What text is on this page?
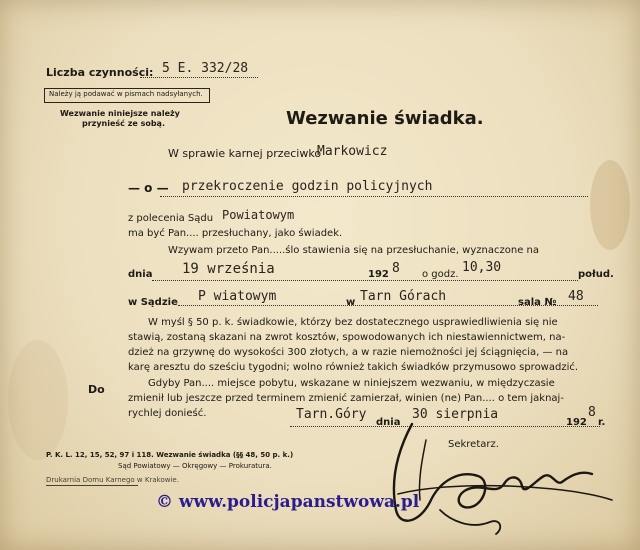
Liczba czynności: 5 E. 332/28
Należy ją podawać w pismach nadsyłanych.
Wezwanie niniejsze należy
przynieść ze sobą.	Wezwanie świadka.
W sprawie karnej przeciwko
Markowicz
— o — przekroczenie godzin policyjnych
z polecenia Sądu Powiatowym
ma być Pan.... przesłuchany, jako świadek.
Wzywam przeto Pan.....ślo stawienia się na przesłuchanie, wyznaczone na
dnia 19 września	192 8 o godz. 10,30	połud.
w Sądzie P wiatowym	w Tarn Górach	sala № 48
W myśl § 50 p. k. świadkowie, którzy bez dostatecznego usprawiedliwienia się nie
stawią, zostaną skazani na zwrot kosztów, spowodowanych ich niestawiennictwem, na-
dzież na grzywnę do wysokości 300 złotych, a w razie niemożności jej ściągnięcia, — na
karę aresztu do sześciu tygodni; wolno również takich świadków przymusowo sprowadzić.
Gdyby Pan.... miejsce pobytu, wskazane w niniejszem wezwaniu, w międzyczasie
zmienił lub jeszcze przed terminem zmienić zamierzał, winien (ne) Pan.... o tem jaknaj-
rychlej donieść.
Do
Tarn.Góry
dnia
30 sierpnia
192
8
r.
Sekretarz.
P. K. L. 12, 15, 52, 97 i 118. Wezwanie świadka (§§ 48, 50 p. k.)
Sąd Powiatowy — Okręgowy — Prokuratura.
Drukarnia Domu Karnego w Krakowie.
© www.policjapanstwowa.pl
